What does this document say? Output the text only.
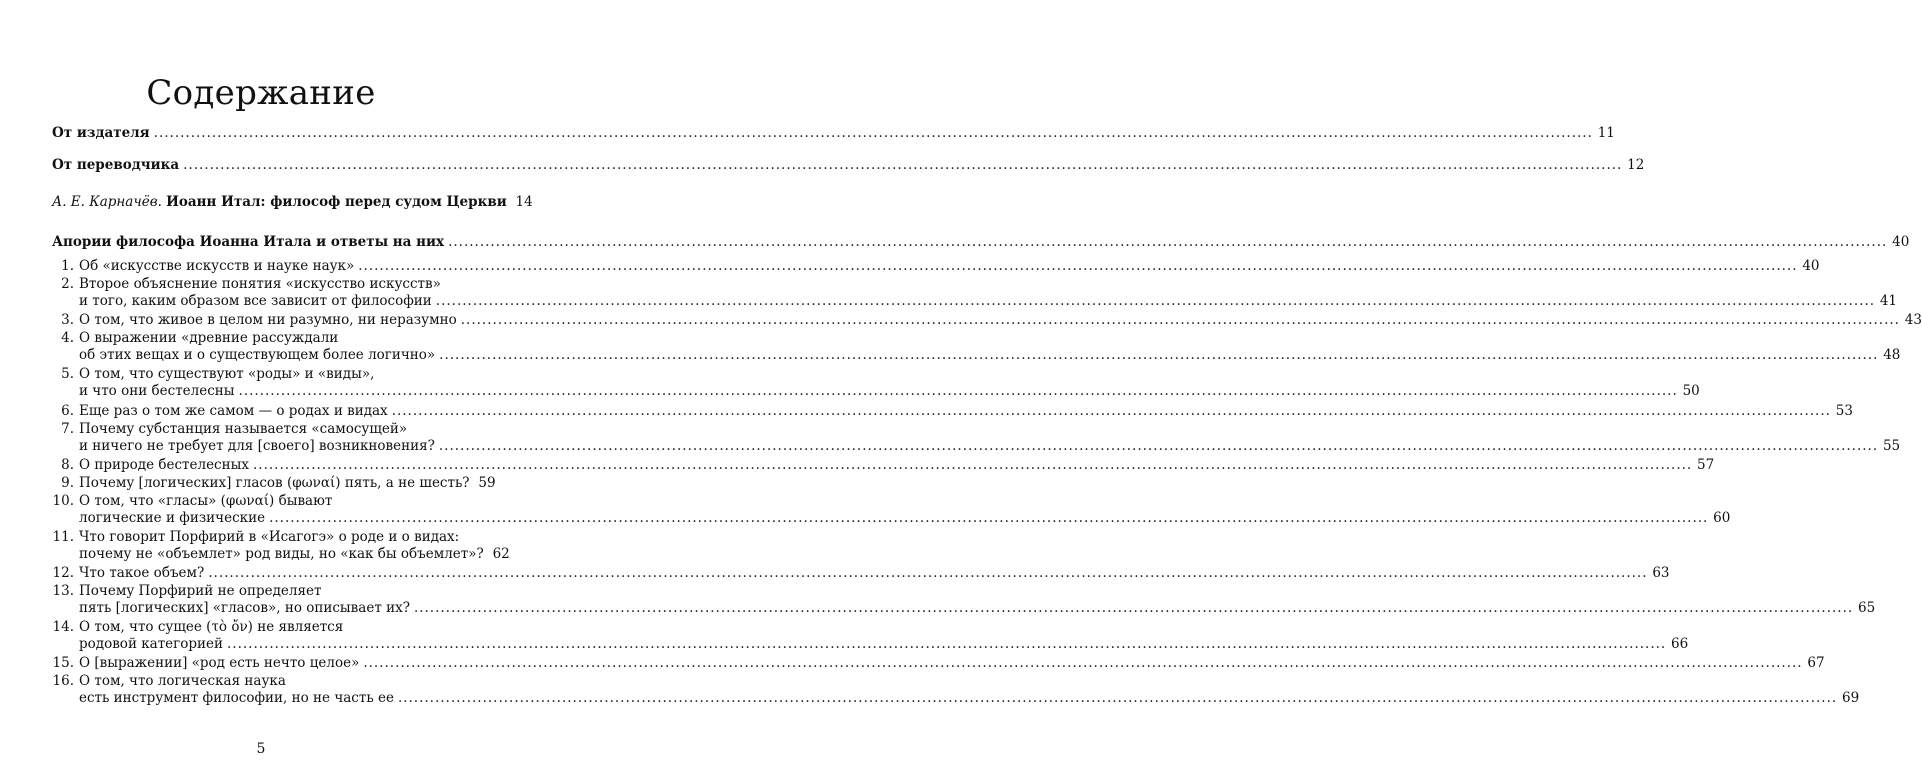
Содержание
От издателя .....	11
От переводчика .....	12
А. Е. Карначёв.
Иоанн Итал: философ перед судом Церкви 14
Апории философа Иоанна Итала и ответы на них .....	40
1. Об «искусстве искусств и науке наук» .....	40
2. Второе объяснение понятия «искусство искусств»
и того, каким образом все зависит от философии .....	41
3. О том, что живое в целом ни разумно, ни неразумно .....	43
4. О выражении «древние рассуждали
об этих вещах и о существующем более логично» .....	48
5. О том, что существуют «роды» и «виды»,
и что они бестелесны .....	50
6. Еще раз о том же самом — о родах и видах .....	53
7. Почему субстанция называется «самосущей»
и ничего не требует для [своего] возникновения? .....	55
8. О природе бестелесных .....	57
9. Почему [логических] гласов (φωναί) пять, а не шесть? 59
10. О том, что «гласы» (φωναί) бывают
логические и физические .....	60
11. Что говорит Порфирий в «Исагогэ» о роде и о видах:
почему не «объемлет» род виды, но «как бы объемлет»? 62
12. Что такое объем? .....	63
13. Почему Порфирий не определяет
пять [логических] «гласов», но описывает их? .....	65
14. О том, что сущее (τὸ ὄν) не является
родовой категорией .....	66
15. О [выражении] «род есть нечто целое» .....	67
16. О том, что логическая наука
есть инструмент философии, но не часть ее .....	69
5
